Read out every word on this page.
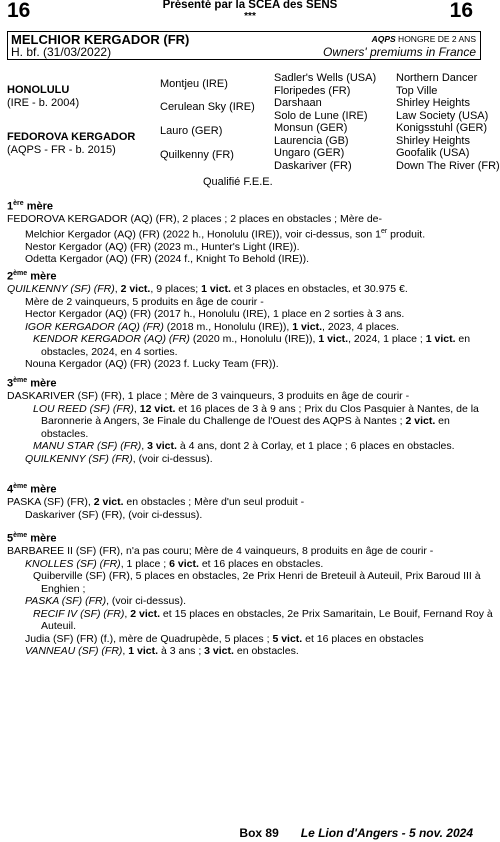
16	16
Présenté par la SCEA des SENS
***
MELCHIOR KERGADOR (FR)
H. bf. (31/03/2022)
AQPS HONGRE DE 2 ANS
Owners' premiums in France
HONOLULU
(IRE - b. 2004)
FEDOROVA KERGADOR
(AQPS - FR - b. 2015)
Montjeu (IRE)
Cerulean Sky (IRE)
Lauro (GER)
Quilkenny (FR)
Sadler's Wells (USA)
Floripedes (FR)
Darshaan
Solo de Lune (IRE)
Monsun (GER)
Laurencia (GB)
Ungaro (GER)
Daskariver (FR)
Northern Dancer
Top Ville
Shirley Heights
Law Society (USA)
Konigsstuhl (GER)
Shirley Heights
Goofalik (USA)
Down The River (FR)
Qualifié F.E.E.
1ère mère
FEDOROVA KERGADOR (AQ) (FR), 2 places ; 2 places en obstacles ; Mère de-
Melchior Kergador (AQ) (FR) (2022 h., Honolulu (IRE)), voir ci-dessus, son 1er produit.
Nestor Kergador (AQ) (FR) (2023 m., Hunter's Light (IRE)).
Odetta Kergador (AQ) (FR) (2024 f., Knight To Behold (IRE)).
2ème mère
QUILKENNY (SF) (FR), 2 vict., 9 places; 1 vict. et 3 places en obstacles, et 30.975 €.
Mère de 2 vainqueurs, 5 produits en âge de courir -
Hector Kergador (AQ) (FR) (2017 h., Honolulu (IRE), 1 place en 2 sorties à 3 ans.
IGOR KERGADOR (AQ) (FR) (2018 m., Honolulu (IRE)), 1 vict., 2023, 4 places.
KENDOR KERGADOR (AQ) (FR) (2020 m., Honolulu (IRE)), 1 vict., 2024, 1 place ; 1 vict. en obstacles, 2024, en 4 sorties.
Nouna Kergador (AQ) (FR) (2023 f. Lucky Team (FR)).
3ème mère
DASKARIVER (SF) (FR), 1 place ; Mère de 3 vainqueurs, 3 produits en âge de courir -
LOU REED (SF) (FR), 12 vict. et 16 places de 3 à 9 ans ; Prix du Clos Pasquier à Nantes, de la Baronnerie à Angers, 3e Finale du Challenge de l'Ouest des AQPS à Nantes ; 2 vict. en obstacles.
MANU STAR (SF) (FR), 3 vict. à 4 ans, dont 2 à Corlay, et 1 place ; 6 places en obstacles.
QUILKENNY (SF) (FR), (voir ci-dessus).
4ème mère
PASKA (SF) (FR), 2 vict. en obstacles ; Mère d'un seul produit -
Daskariver (SF) (FR), (voir ci-dessus).
5ème mère
BARBAREE II (SF) (FR), n'a pas couru; Mère de 4 vainqueurs, 8 produits en âge de courir -
KNOLLES (SF) (FR), 1 place ; 6 vict. et 16 places en obstacles.
Quiberville (SF) (FR), 5 places en obstacles, 2e Prix Henri de Breteuil à Auteuil, Prix Baroud III à Enghien ;
PASKA (SF) (FR), (voir ci-dessus).
RECIF IV (SF) (FR), 2 vict. et 15 places en obstacles, 2e Prix Samaritain, Le Bouif, Fernand Roy à Auteuil.
Judia (SF) (FR) (f.), mère de Quadrupède, 5 places ; 5 vict. et 16 places en obstacles
VANNEAU (SF) (FR), 1 vict. à 3 ans ; 3 vict. en obstacles.
Box 89 Le Lion d'Angers - 5 nov. 2024
